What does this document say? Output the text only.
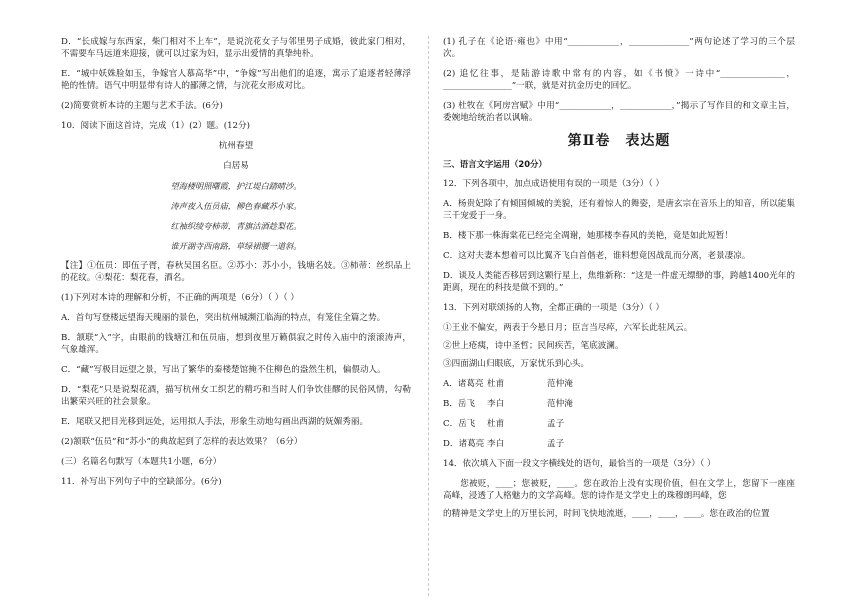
D．“长成嫁与东西家，柴门相对不上车”，是说浣花女子与邻里男子成婚，彼此家门相对，不需要车马远道来迎接，就可以过家为妇，显示出爱情的真挚纯朴。

E．“城中妖姝脸如玉，争嫁官人慕高华”中，“争嫁”写出他们的追逐，寓示了追逐者轻薄浮艳的性情。语气中明显带有诗人的鄙薄之情，与浣花女形成对比。

(2)简要赏析本诗的主题与艺术手法。(6分)

10．阅读下面这首诗，完成（1）(2）题。(12分)

杭州春望

白居易

望海楼明照曙霞，护江堤白踏晴沙。

涛声夜入伍员庙，柳色春藏苏小家。

红袖织绫夸柿蒂，青旗沽酒趁梨花。

谁开湖寺西南路，草绿裙腰一道斜。

【注】①伍员：即伍子胥，春秋吴国名臣。②苏小：苏小小，钱塘名妓。③柿蒂：丝织品上的花纹。④梨花：梨花春，酒名。

(1)下列对本诗的理解和分析，不正确的两项是（6分）（ ）（ ）

A．首句写登楼远望海天瑰丽的景色，突出杭州城濒江临海的特点，有笼住全篇之势。

B．颔联“入”字，由眼前的钱塘江和伍员庙，想到夜里万籁俱寂之时传入庙中的滚滚涛声，气象雄浑。

C．“藏”写极目远望之景，写出了繁华的秦楼楚馆掩不住柳色的盎然生机，偏偎动人。

D．“梨花”只是说梨花酒，描写杭州女工织艺的精巧和当时人们争饮佳醪的民俗风情，勾勒出繁荣兴旺的社会景象。

E．尾联又把目光移到远处，运用拟人手法，形象生动地勾画出西湖的妩媚秀丽。

(2)颔联“伍员”和“苏小”的典故起到了怎样的表达效果？（6分）

(三）名篇名句默写（本题共1小题，6分）

11．补写出下列句子中的空缺部分。(6分)

(1) 孔子在《论语·雍也》中用“____________，______________”两句论述了学习的三个层次。

(2) 追忆往事，是陆游诗歌中常有的内容，如《书愤》一诗中“_______________，________________”一联，就是对抗金历史的回忆。

(3) 杜牧在《阿房宫赋》中用“____________，____________，”揭示了写作目的和文章主旨，委婉地给统治者以讽喻。

第Ⅱ卷　表达题

三、语言文字运用（20分）

12．下列各项中，加点成语使用有误的一项是（3分）（ ）

A．杨贵妃除了有倾国倾城的美貌，还有着惊人的舞姿，是唐玄宗在音乐上的知音，所以能集三千宠爱于一身。

B．楼下那一株海棠花已经完全凋谢，她那楼李春风的美艳，竟是如此短暂！

C．这对夫妻本想着可以比翼齐飞白首偕老，谁料想竟因战乱而分离，老景凄凉。

D．谈及人类能否移居到这颗行星上，焦维新称：“这是一件虚无缥缈的事，跨越1400光年的距离，现在的科技是做不到的。”

13．下列对联颂扬的人物，全都正确的一项是（3分）（ ）

①王业不偏安，两表于今悬日月；臣言当尽瘁，六军长此驻风云。

②世上疮痍，诗中圣哲；民间疾苦，笔底波澜。

③四面湖山归眼底，万家忧乐到心头。

A．诸葛亮 杜甫	范仲淹
B．岳飞	李白	范仲淹
C．岳飞	杜甫	孟子
D．诸葛亮 李白	孟子

14．依次填入下面一段文字横线处的语句，最恰当的一项是（3分）（ ）

您被贬，____；您被贬，____。您在政治上没有实现价值，但在文学上，您留下一座座高峰，浸透了人格魅力的文学高峰。您的诗作是文学史上的珠穆朗玛峰，您

的精神是文学史上的万里长河，时间飞快地流逝，____，____，____。您在政治的位置
